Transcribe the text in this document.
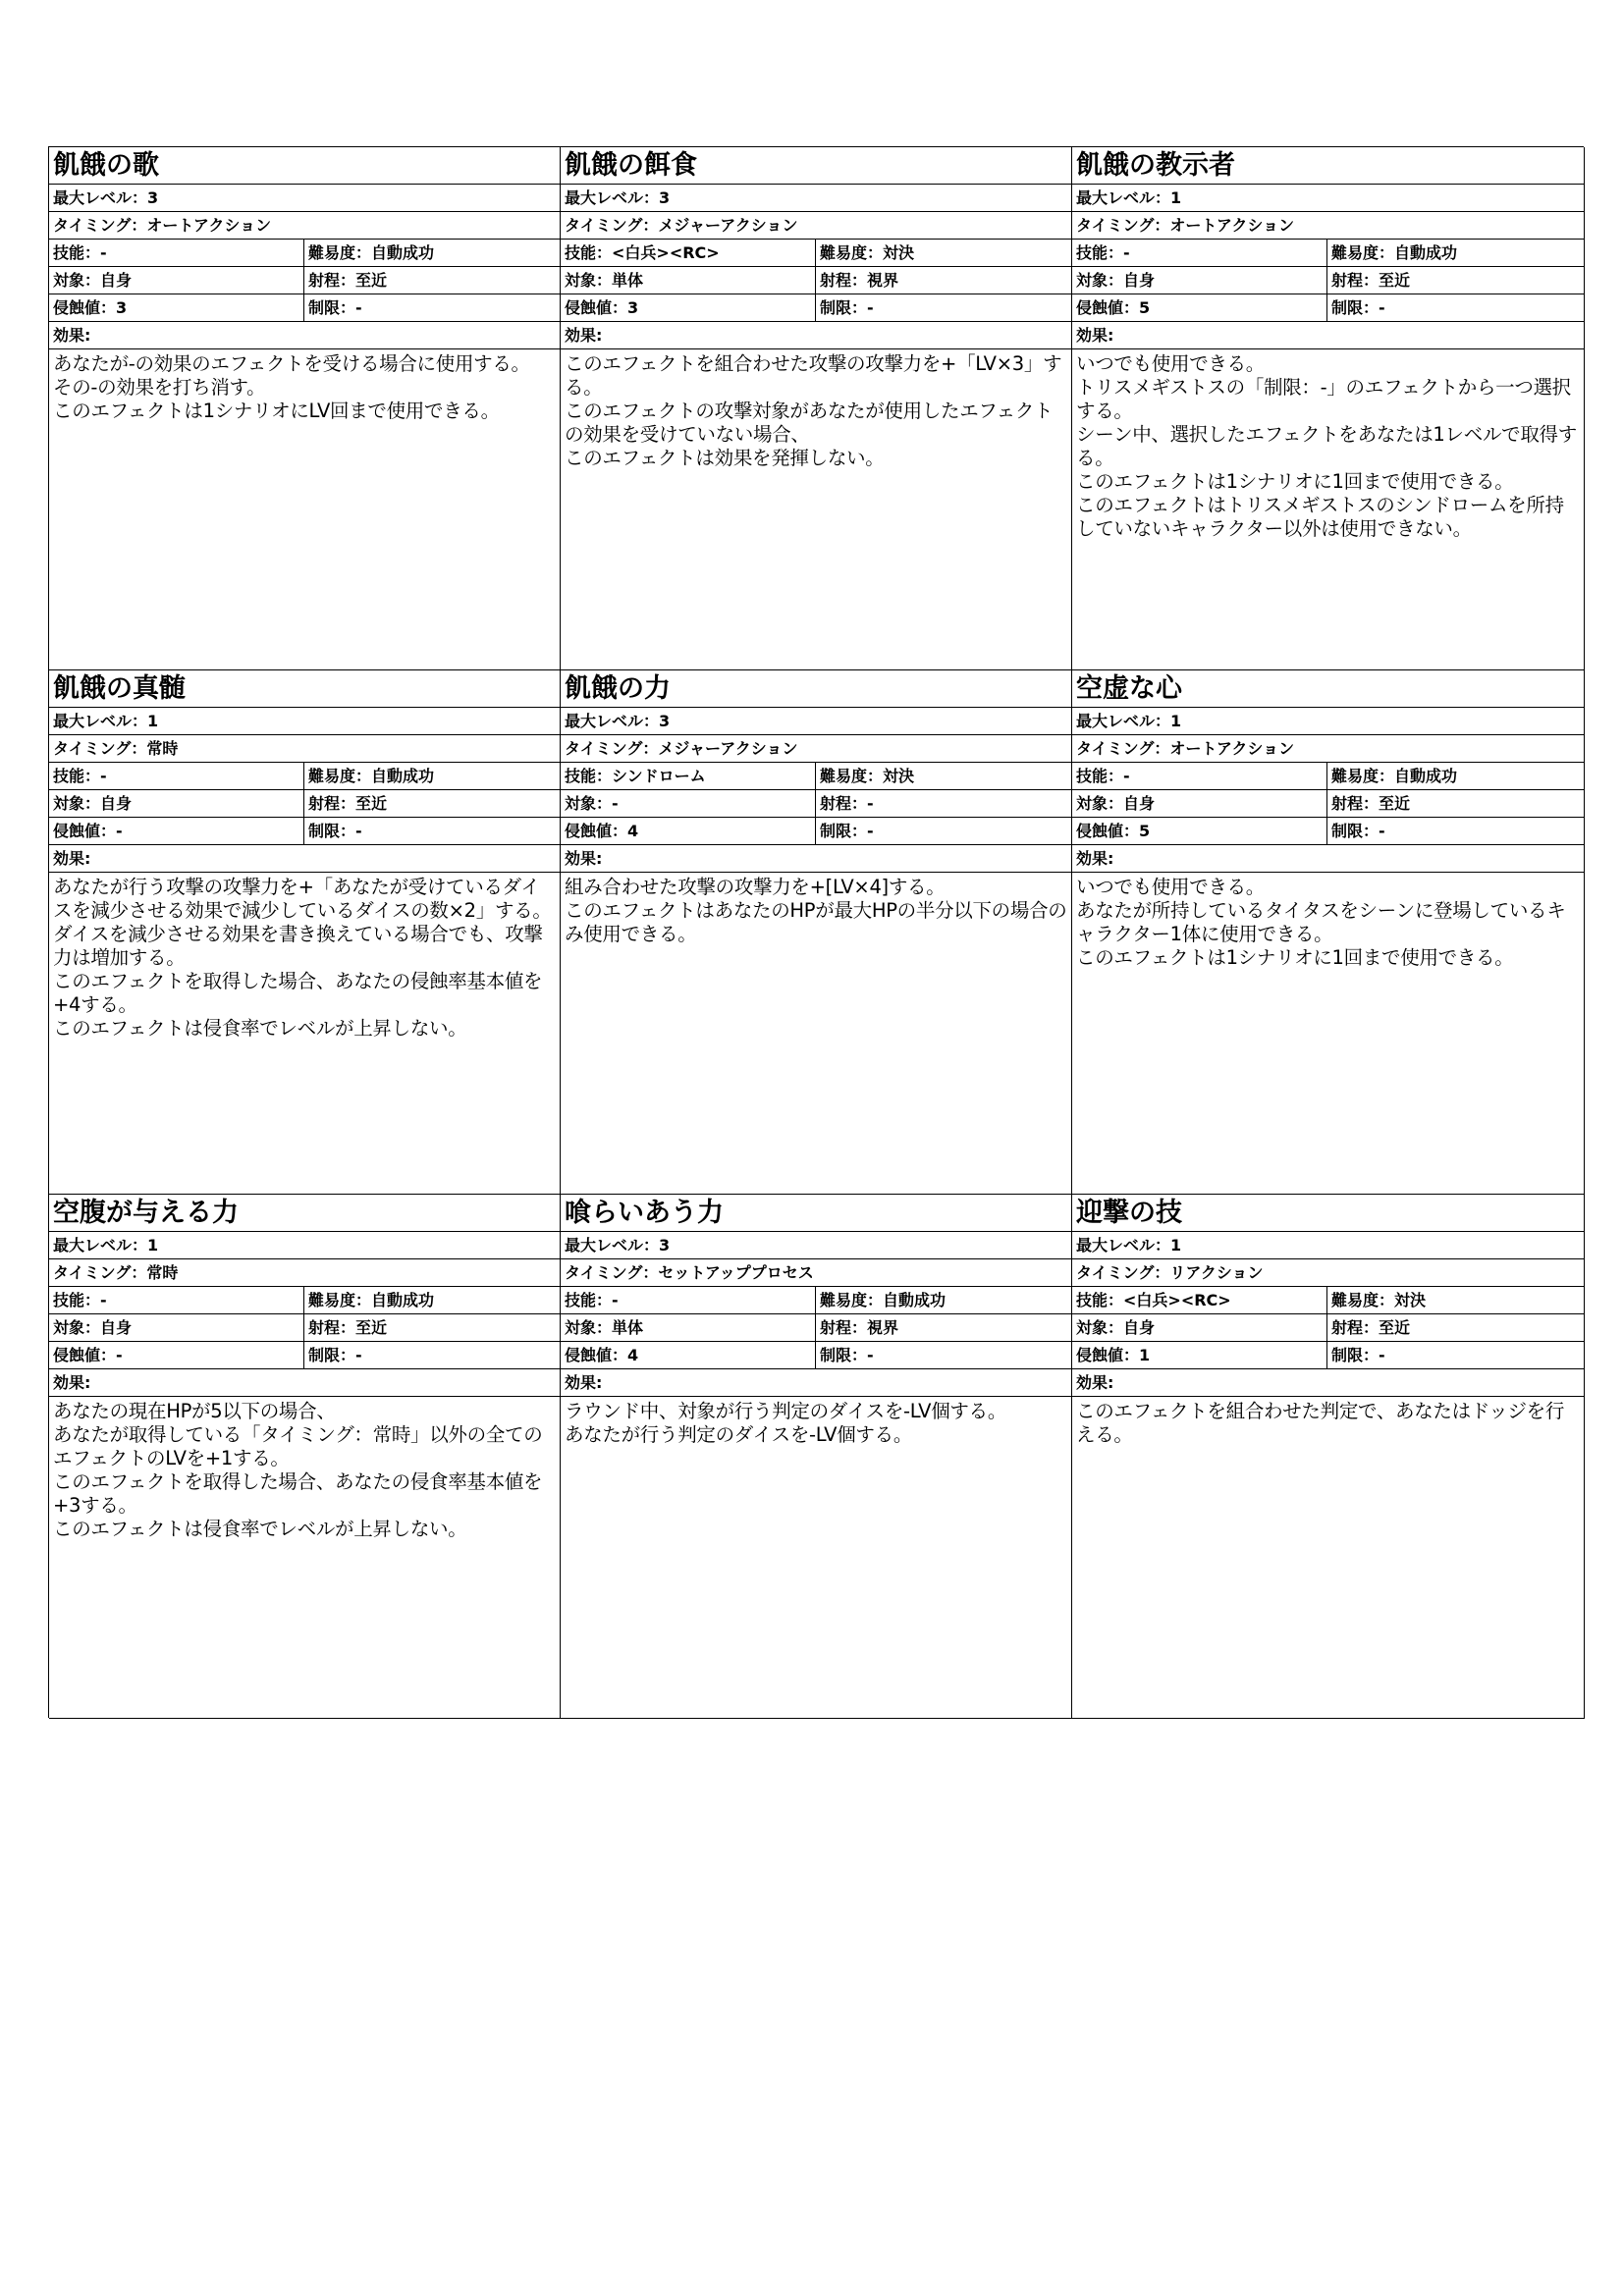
飢餓の歌
最大レベル：3
タイミング：オートアクション
技能：-	難易度：自動成功
対象：自身	射程：至近
侵蝕値：3	制限：-
効果:
あなたが-の効果のエフェクトを受ける場合に使用する。
その-の効果を打ち消す。
このエフェクトは1シナリオにLV回まで使用できる。
飢餓の餌食
最大レベル：3
タイミング：メジャーアクション
技能：<白兵><RC>	難易度：対決
対象：単体	射程：視界
侵蝕値：3	制限：-
効果:
このエフェクトを組合わせた攻撃の攻撃力を+「LV×3」する。
このエフェクトの攻撃対象があなたが使用したエフェクトの効果を受けていない場合、
このエフェクトは効果を発揮しない。
飢餓の教示者
最大レベル：1
タイミング：オートアクション
技能：-	難易度：自動成功
対象：自身	射程：至近
侵蝕値：5	制限：-
効果:
いつでも使用できる。
トリスメギストスの「制限：-」のエフェクトから一つ選択する。
シーン中、選択したエフェクトをあなたは1レベルで取得する。
このエフェクトは1シナリオに1回まで使用できる。
このエフェクトはトリスメギストスのシンドロームを所持していないキャラクター以外は使用できない。
飢餓の真髄
最大レベル：1
タイミング：常時
技能：-	難易度：自動成功
対象：自身	射程：至近
侵蝕値：-	制限：-
効果:
あなたが行う攻撃の攻撃力を+「あなたが受けているダイスを減少させる効果で減少しているダイスの数×2」する。
ダイスを減少させる効果を書き換えている場合でも、攻撃力は増加する。
このエフェクトを取得した場合、あなたの侵蝕率基本値を+4する。
このエフェクトは侵食率でレベルが上昇しない。
飢餓の力
最大レベル：3
タイミング：メジャーアクション
技能：シンドローム	難易度：対決
対象：-	射程：-
侵蝕値：4	制限：-
効果:
組み合わせた攻撃の攻撃力を+[LV×4]する。
このエフェクトはあなたのHPが最大HPの半分以下の場合のみ使用できる。
空虚な心
最大レベル：1
タイミング：オートアクション
技能：-	難易度：自動成功
対象：自身	射程：至近
侵蝕値：5	制限：-
効果:
いつでも使用できる。
あなたが所持しているタイタスをシーンに登場しているキャラクター1体に使用できる。
このエフェクトは1シナリオに1回まで使用できる。
空腹が与える力
最大レベル：1
タイミング：常時
技能：-	難易度：自動成功
対象：自身	射程：至近
侵蝕値：-	制限：-
効果:
あなたの現在HPが5以下の場合、
あなたが取得している「タイミング：常時」以外の全てのエフェクトのLVを+1する。
このエフェクトを取得した場合、あなたの侵食率基本値を+3する。
このエフェクトは侵食率でレベルが上昇しない。
喰らいあう力
最大レベル：3
タイミング：セットアッププロセス
技能：-	難易度：自動成功
対象：単体	射程：視界
侵蝕値：4	制限：-
効果:
ラウンド中、対象が行う判定のダイスを-LV個する。
あなたが行う判定のダイスを-LV個する。
迎撃の技
最大レベル：1
タイミング：リアクション
技能：<白兵><RC>	難易度：対決
対象：自身	射程：至近
侵蝕値：1	制限：-
効果:
このエフェクトを組合わせた判定で、あなたはドッジを行える。
